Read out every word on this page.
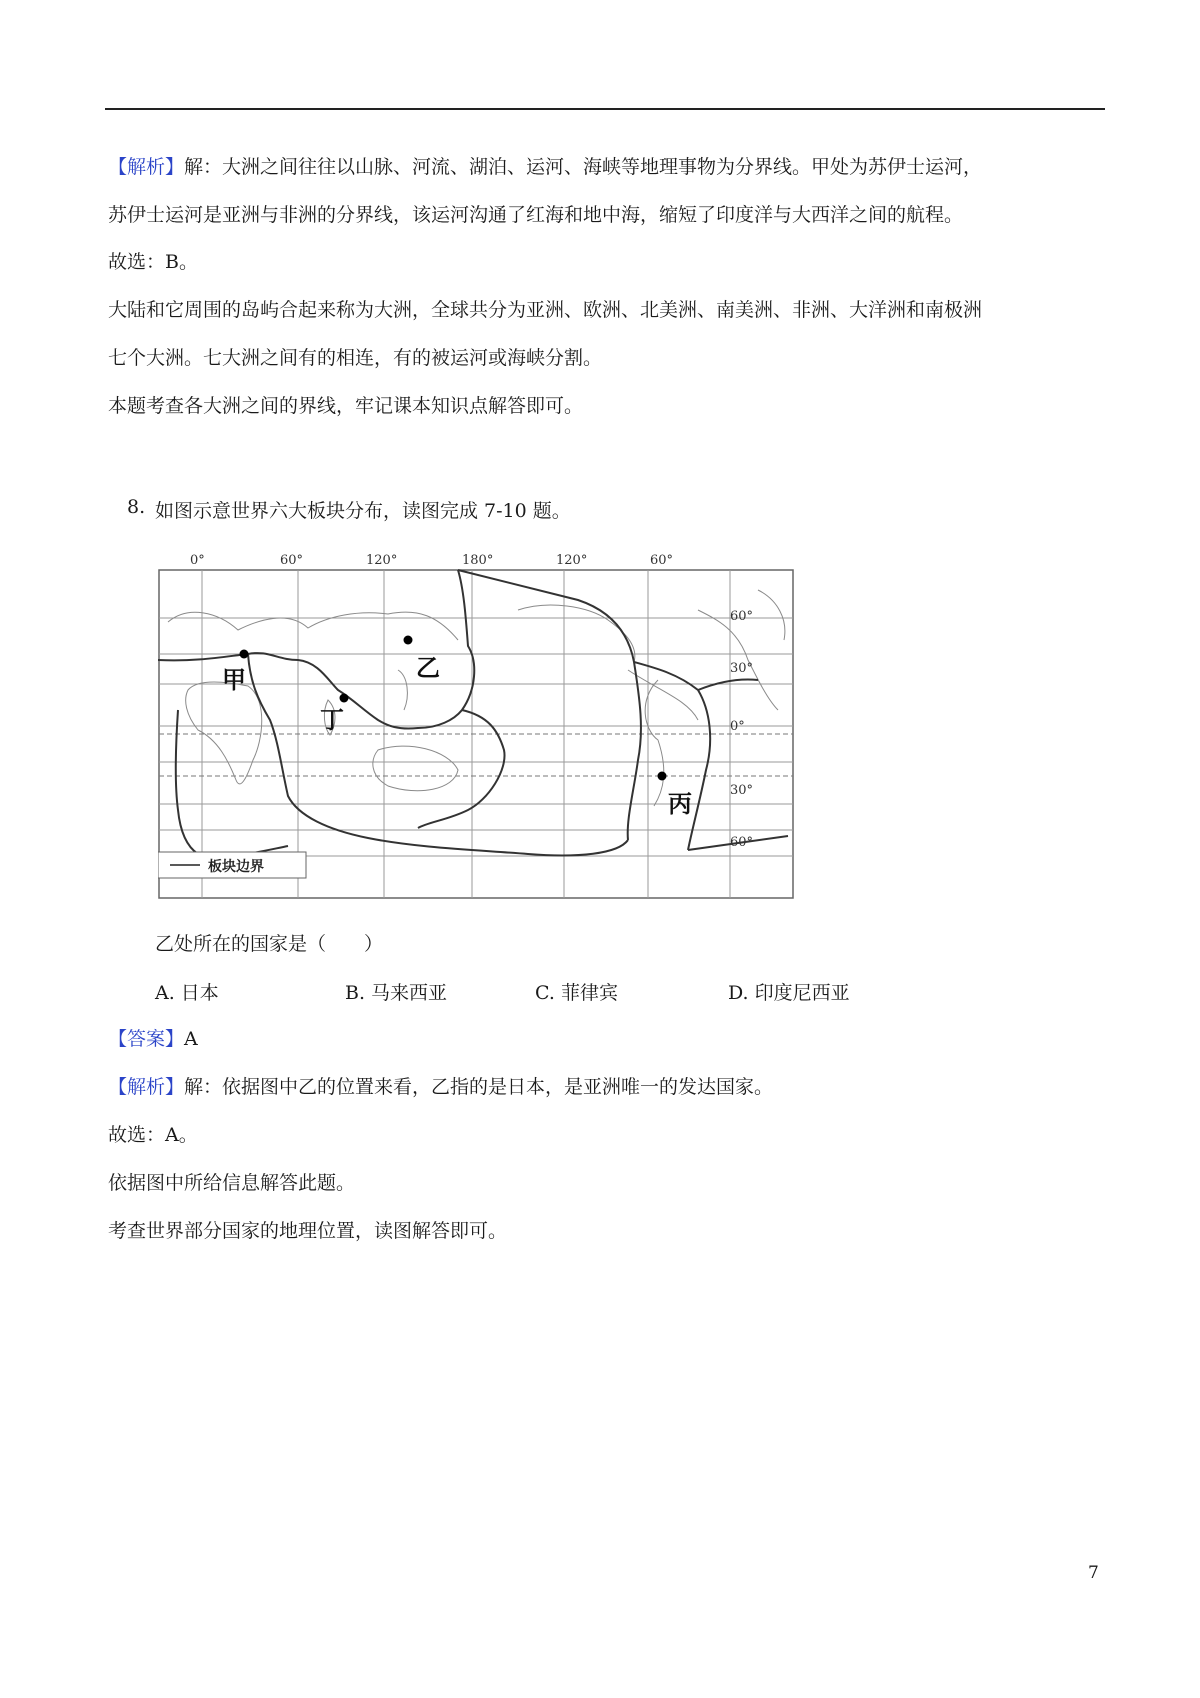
【解析】解：大洲之间往往以山脉、河流、湖泊、运河、海峡等地理事物为分界线。甲处为苏伊士运河，
苏伊士运河是亚洲与非洲的分界线，该运河沟通了红海和地中海，缩短了印度洋与大西洋之间的航程。
故选：B。
大陆和它周围的岛屿合起来称为大洲，全球共分为亚洲、欧洲、北美洲、南美洲、非洲、大洋洲和南极洲
七个大洲。七大洲之间有的相连，有的被运河或海峡分割。
本题考查各大洲之间的界线，牢记课本知识点解答即可。
8. 如图示意世界六大板块分布，读图完成 7-10 题。
0°	60°	120°	180°	120°	60°
60°
30°
0°
30°
60°
甲	乙
丙
丁
板块边界
乙处所在的国家是（　　）
A. 日本	B. 马来西亚	C. 菲律宾	D. 印度尼西亚
【答案】A
【解析】解：依据图中乙的位置来看，乙指的是日本，是亚洲唯一的发达国家。
故选：A。
依据图中所给信息解答此题。
考查世界部分国家的地理位置，读图解答即可。
7
